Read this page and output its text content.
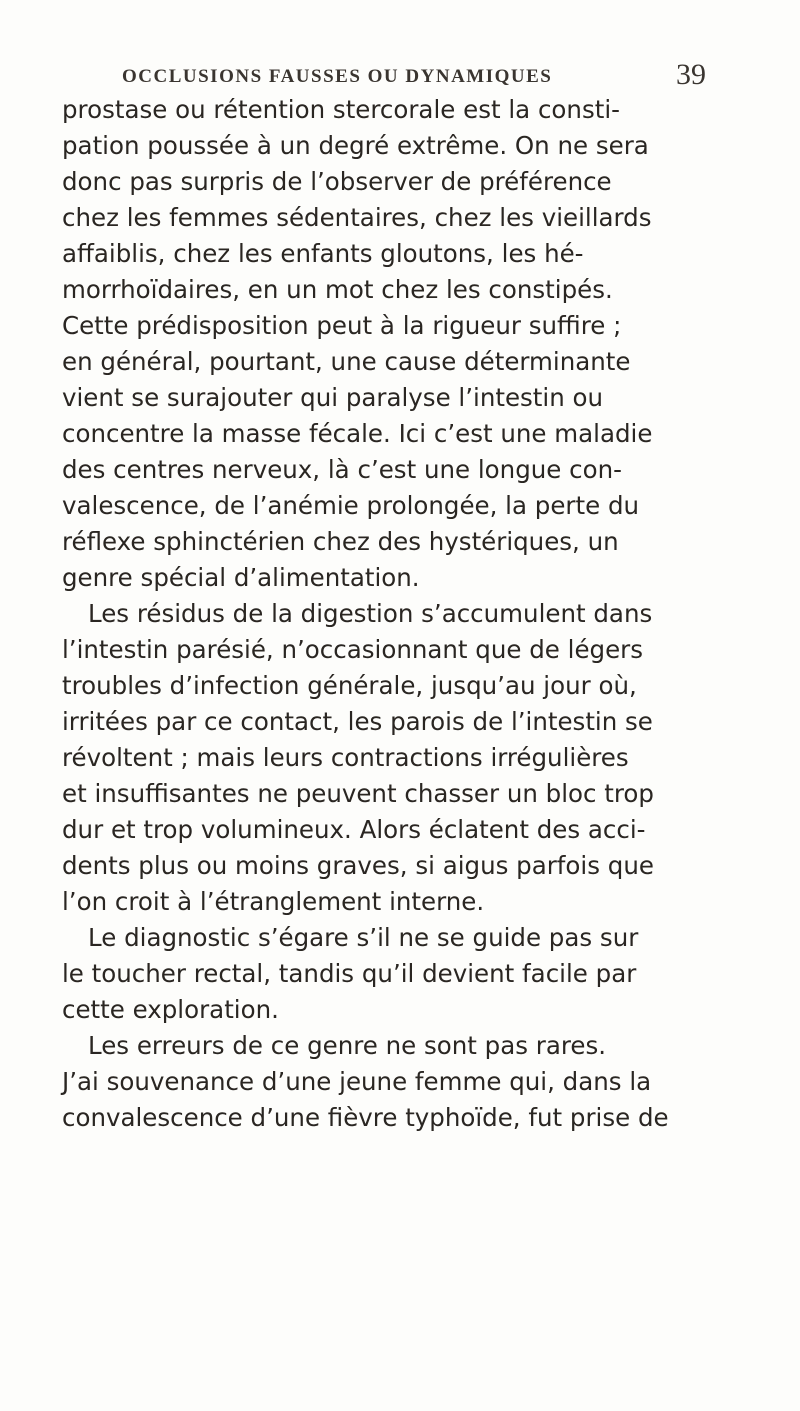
OCCLUSIONS FAUSSES OU DYNAMIQUES	39
prostase ou rétention stercorale est la consti-
pation poussée à un degré extrême. On ne sera
donc pas surpris de l’observer de préférence
chez les femmes sédentaires, chez les vieillards
affaiblis, chez les enfants gloutons, les hé-
morrhoïdaires, en un mot chez les constipés.
Cette prédisposition peut à la rigueur suffire ;
en général, pourtant, une cause déterminante
vient se surajouter qui paralyse l’intestin ou
concentre la masse fécale. Ici c’est une maladie
des centres nerveux, là c’est une longue con-
valescence, de l’anémie prolongée, la perte du
réflexe sphinctérien chez des hystériques, un
genre spécial d’alimentation.
Les résidus de la digestion s’accumulent dans
l’intestin parésié, n’occasionnant que de légers
troubles d’infection générale, jusqu’au jour où,
irritées par ce contact, les parois de l’intestin se
révoltent ; mais leurs contractions irrégulières
et insuffisantes ne peuvent chasser un bloc trop
dur et trop volumineux. Alors éclatent des acci-
dents plus ou moins graves, si aigus parfois que
l’on croit à l’étranglement interne.
Le diagnostic s’égare s’il ne se guide pas sur
le toucher rectal, tandis qu’il devient facile par
cette exploration.
Les erreurs de ce genre ne sont pas rares.
J’ai souvenance d’une jeune femme qui, dans la
convalescence d’une fièvre typhoïde, fut prise de
